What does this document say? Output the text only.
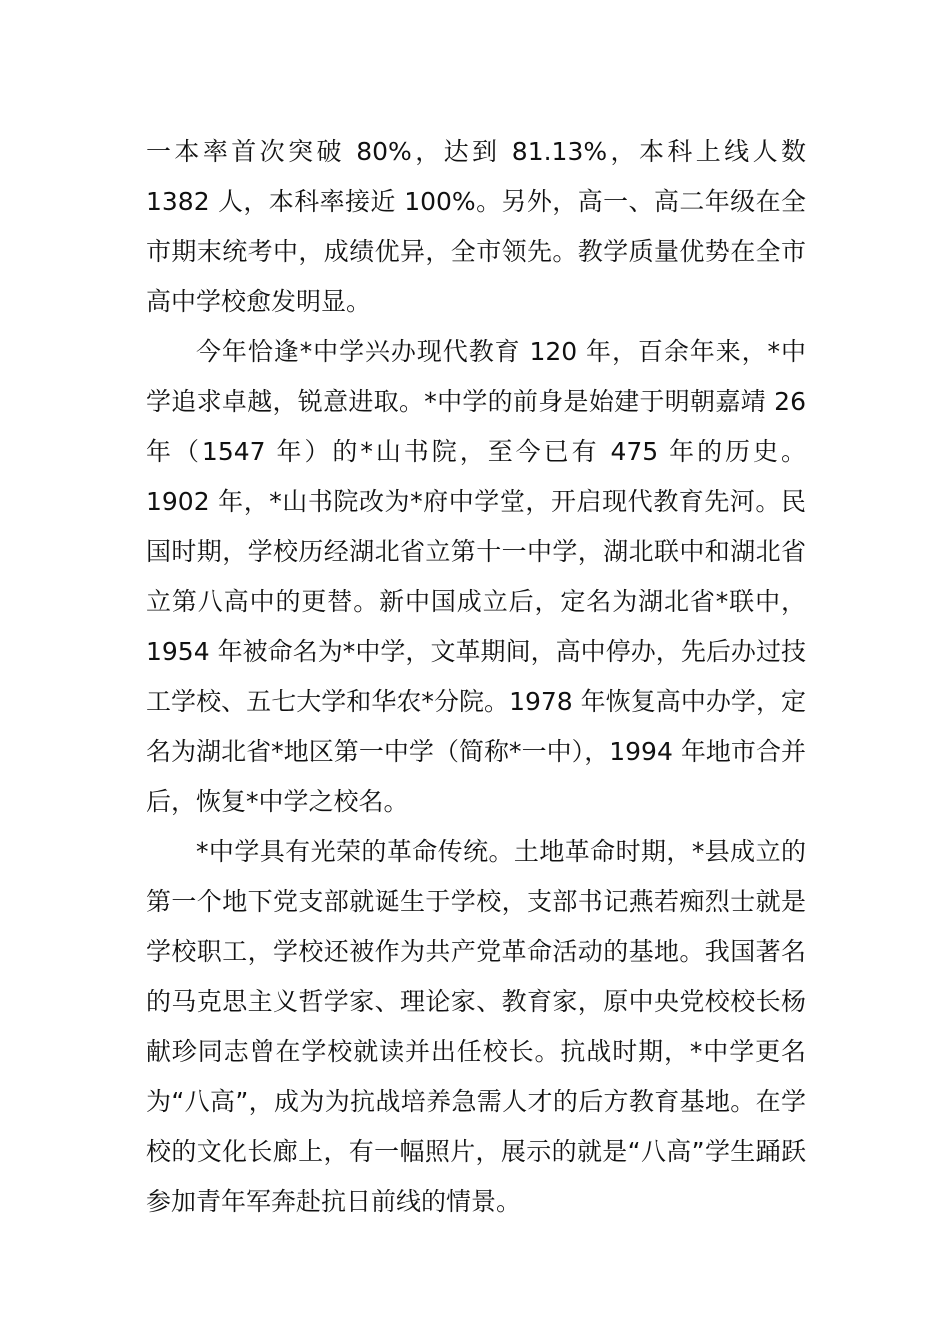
一本率首次突破 80%，达到 81.13%，本科上线人数 1382 人，本科率接近 100%。另外，高一、高二年级在全市期末统考中，成绩优异，全市领先。教学质量优势在全市高中学校愈发明显。

今年恰逢*中学兴办现代教育 120 年，百余年来，*中学追求卓越，锐意进取。*中学的前身是始建于明朝嘉靖 26 年（1547 年）的*山书院，至今已有 475 年的历史。1902 年，*山书院改为*府中学堂，开启现代教育先河。民国时期，学校历经湖北省立第十一中学，湖北联中和湖北省立第八高中的更替。新中国成立后，定名为湖北省*联中，1954 年被命名为*中学，文革期间，高中停办，先后办过技工学校、五七大学和华农*分院。1978 年恢复高中办学，定名为湖北省*地区第一中学（简称*一中），1994 年地市合并后，恢复*中学之校名。

*中学具有光荣的革命传统。土地革命时期，*县成立的第一个地下党支部就诞生于学校，支部书记燕若痴烈士就是学校职工，学校还被作为共产党革命活动的基地。我国著名的马克思主义哲学家、理论家、教育家，原中央党校校长杨献珍同志曾在学校就读并出任校长。抗战时期，*中学更名为“八高”，成为为抗战培养急需人才的后方教育基地。在学校的文化长廊上，有一幅照片，展示的就是“八高”学生踊跃参加青年军奔赴抗日前线的情景。
